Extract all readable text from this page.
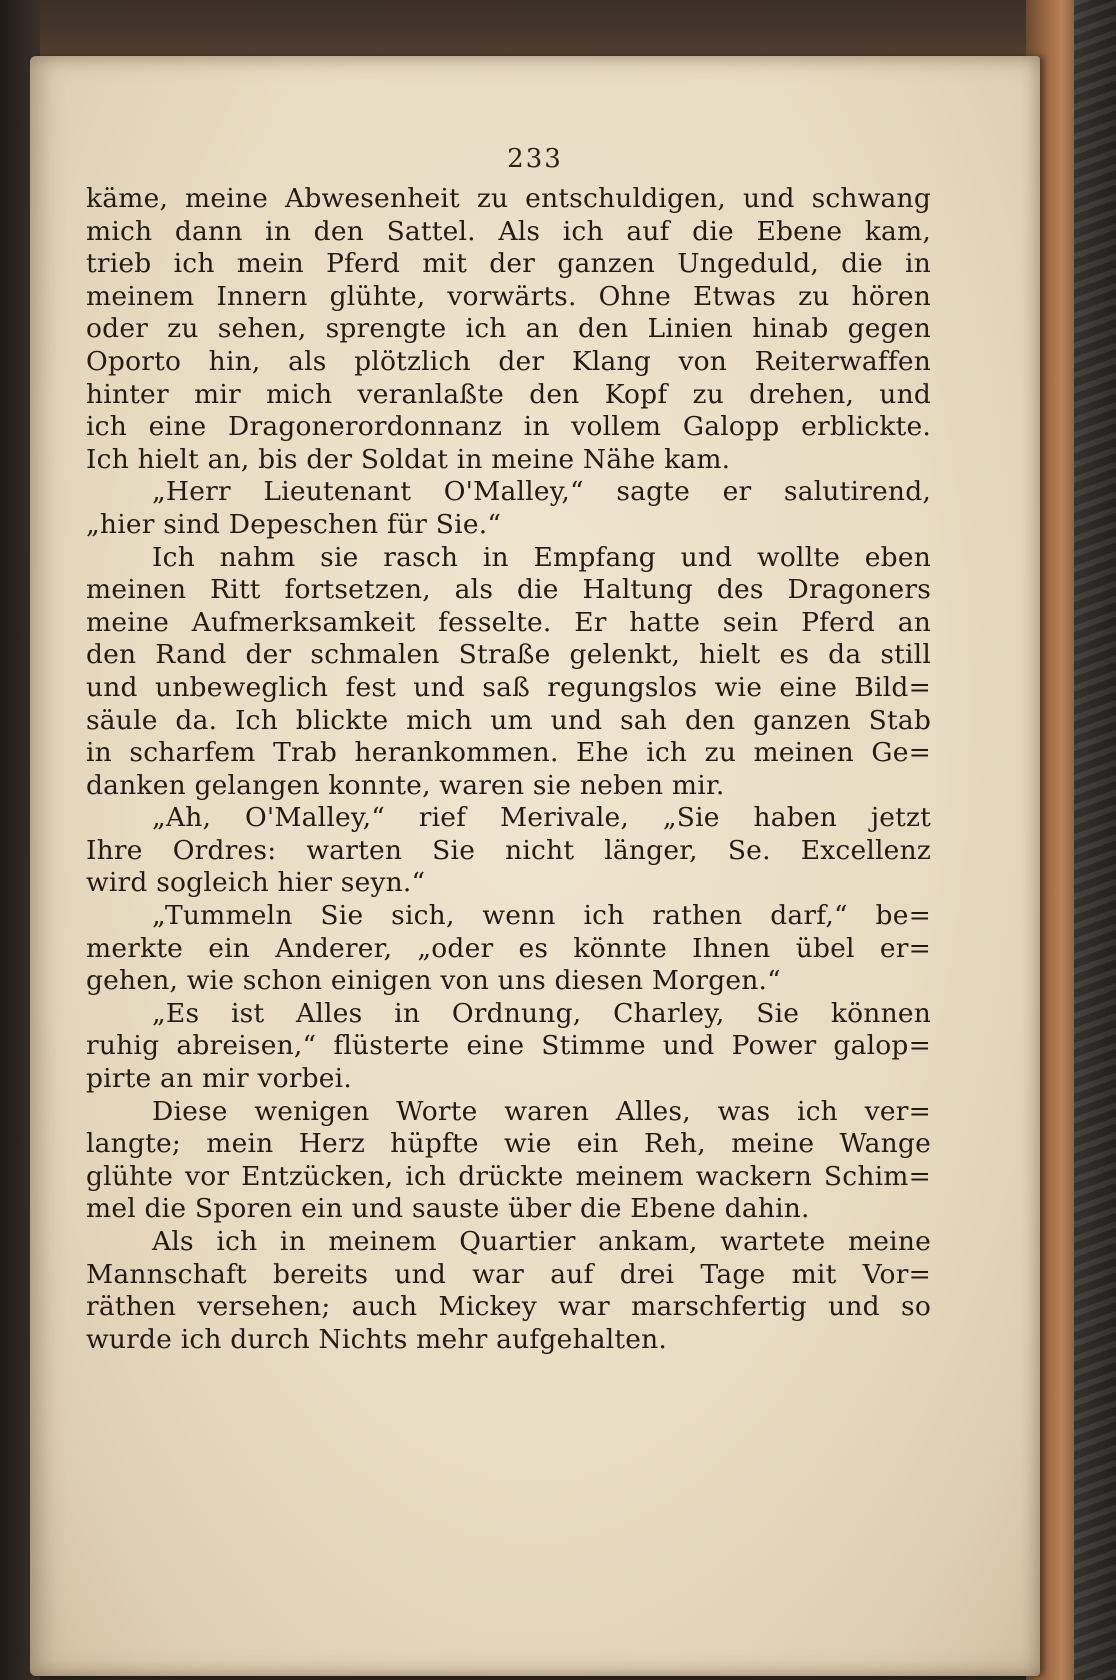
233
käme, meine Abwesenheit zu entschuldigen, und schwang
mich dann in den Sattel. Als ich auf die Ebene kam,
trieb ich mein Pferd mit der ganzen Ungeduld, die in
meinem Innern glühte, vorwärts. Ohne Etwas zu hören
oder zu sehen, sprengte ich an den Linien hinab gegen
Oporto hin, als plötzlich der Klang von Reiterwaffen
hinter mir mich veranlaßte den Kopf zu drehen, und
ich eine Dragonerordonnanz in vollem Galopp erblickte.
Ich hielt an, bis der Soldat in meine Nähe kam.
„Herr Lieutenant O'Malley,“ sagte er salutirend,
„hier sind Depeschen für Sie.“
Ich nahm sie rasch in Empfang und wollte eben
meinen Ritt fortsetzen, als die Haltung des Dragoners
meine Aufmerksamkeit fesselte. Er hatte sein Pferd an
den Rand der schmalen Straße gelenkt, hielt es da still
und unbeweglich fest und saß regungslos wie eine Bild=
säule da. Ich blickte mich um und sah den ganzen Stab
in scharfem Trab herankommen. Ehe ich zu meinen Ge=
danken gelangen konnte, waren sie neben mir.
„Ah, O'Malley,“ rief Merivale, „Sie haben jetzt
Ihre Ordres: warten Sie nicht länger, Se. Excellenz
wird sogleich hier seyn.“
„Tummeln Sie sich, wenn ich rathen darf,“ be=
merkte ein Anderer, „oder es könnte Ihnen übel er=
gehen, wie schon einigen von uns diesen Morgen.“
„Es ist Alles in Ordnung, Charley, Sie können
ruhig abreisen,“ flüsterte eine Stimme und Power galop=
pirte an mir vorbei.
Diese wenigen Worte waren Alles, was ich ver=
langte; mein Herz hüpfte wie ein Reh, meine Wange
glühte vor Entzücken, ich drückte meinem wackern Schim=
mel die Sporen ein und sauste über die Ebene dahin.
Als ich in meinem Quartier ankam, wartete meine
Mannschaft bereits und war auf drei Tage mit Vor=
räthen versehen; auch Mickey war marschfertig und so
wurde ich durch Nichts mehr aufgehalten.
